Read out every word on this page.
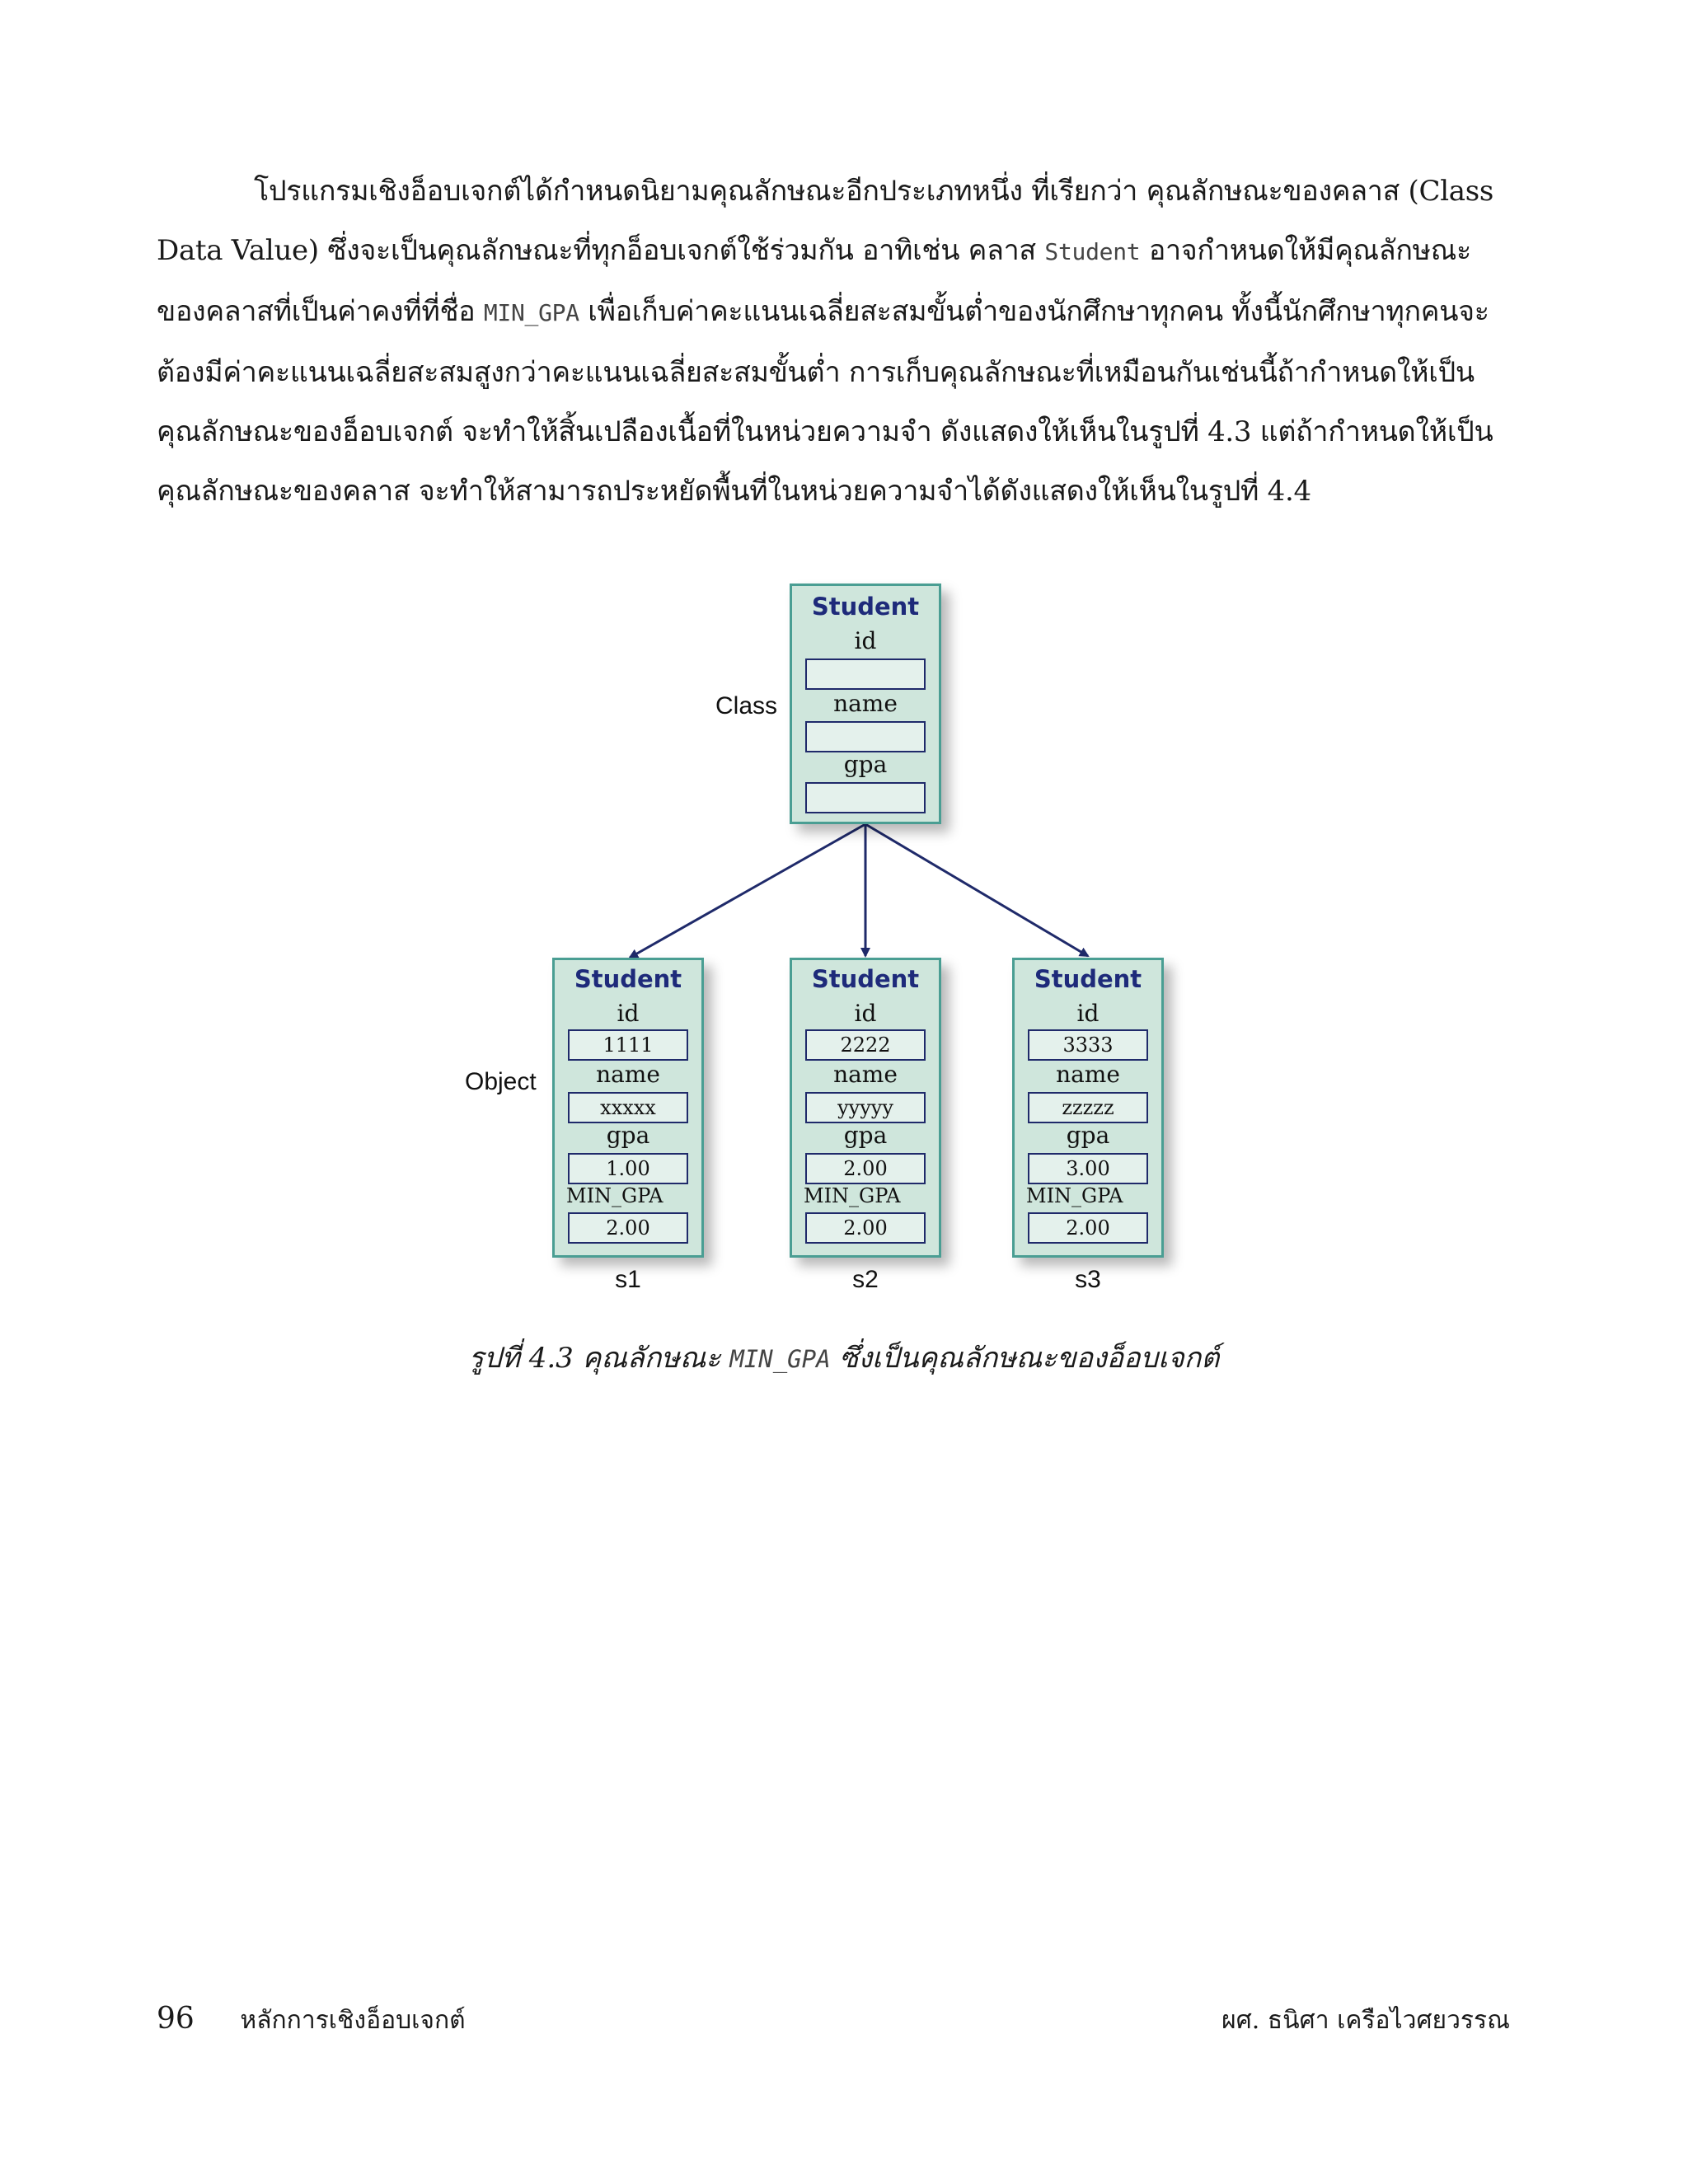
โปรแกรมเชิงอ็อบเจกต์ได้กำหนดนิยามคุณลักษณะอีกประเภทหนึ่ง ที่เรียกว่า คุณลักษณะของคลาส (Class
Data Value) ซึ่งจะเป็นคุณลักษณะที่ทุกอ็อบเจกต์ใช้ร่วมกัน อาทิเช่น คลาส Student อาจกำหนดให้มีคุณลักษณะ
ของคลาสที่เป็นค่าคงที่ที่ชื่อ MIN_GPA เพื่อเก็บค่าคะแนนเฉลี่ยสะสมขั้นต่ำของนักศึกษาทุกคน ทั้งนี้นักศึกษาทุกคนจะ
ต้องมีค่าคะแนนเฉลี่ยสะสมสูงกว่าคะแนนเฉลี่ยสะสมขั้นต่ำ การเก็บคุณลักษณะที่เหมือนกันเช่นนี้ถ้ากำหนดให้เป็น
คุณลักษณะของอ็อบเจกต์ จะทำให้สิ้นเปลืองเนื้อที่ในหน่วยความจำ ดังแสดงให้เห็นในรูปที่ 4.3 แต่ถ้ากำหนดให้เป็น
คุณลักษณะของคลาส จะทำให้สามารถประหยัดพื้นที่ในหน่วยความจำได้ดังแสดงให้เห็นในรูปที่ 4.4
Class
Object
Student
id
name
gpa
Student
id
1111
name
xxxxx
gpa
1.00
MIN_GPA
2.00
s1
Student
id
2222
name
yyyyy
gpa
2.00
MIN_GPA
2.00
s2
Student
id
3333
name
zzzzz
gpa
3.00
MIN_GPA
2.00
s3
รูปที่ 4.3 คุณลักษณะ MIN_GPA ซึ่งเป็นคุณลักษณะของอ็อบเจกต์
96 หลักการเชิงอ็อบเจกต์	ผศ. ธนิศา เครือไวศยวรรณ
